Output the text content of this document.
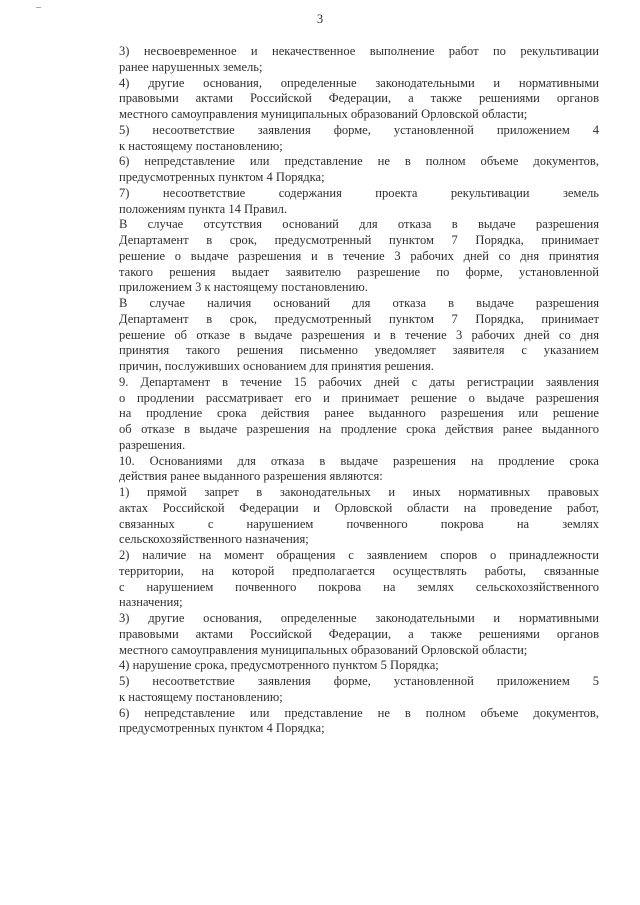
3
3) несвоевременное и некачественное выполнение работ по рекультивации
ранее нарушенных земель;
4) другие основания, определенные законодательными и нормативными
правовыми актами Российской Федерации, а также решениями органов
местного самоуправления муниципальных образований Орловской области;
5) несоответствие заявления форме, установленной приложением 4
к настоящему постановлению;
6) непредставление или представление не в полном объеме документов,
предусмотренных пунктом 4 Порядка;
7) несоответствие содержания проекта рекультивации земель
положениям пункта 14 Правил.
В случае отсутствия оснований для отказа в выдаче разрешения
Департамент в срок, предусмотренный пунктом 7 Порядка, принимает
решение о выдаче разрешения и в течение 3 рабочих дней со дня принятия
такого решения выдает заявителю разрешение по форме, установленной
приложением 3 к настоящему постановлению.
В случае наличия оснований для отказа в выдаче разрешения
Департамент в срок, предусмотренный пунктом 7 Порядка, принимает
решение об отказе в выдаче разрешения и в течение 3 рабочих дней со дня
принятия такого решения письменно уведомляет заявителя с указанием
причин, послуживших основанием для принятия решения.
9. Департамент в течение 15 рабочих дней с даты регистрации заявления
о продлении рассматривает его и принимает решение о выдаче разрешения
на продление срока действия ранее выданного разрешения или решение
об отказе в выдаче разрешения на продление срока действия ранее выданного
разрешения.
10. Основаниями для отказа в выдаче разрешения на продление срока
действия ранее выданного разрешения являются:
1) прямой запрет в законодательных и иных нормативных правовых
актах Российской Федерации и Орловской области на проведение работ,
связанных с нарушением почвенного покрова на землях
сельскохозяйственного назначения;
2) наличие на момент обращения с заявлением споров о принадлежности
территории, на которой предполагается осуществлять работы, связанные
с нарушением почвенного покрова на землях сельскохозяйственного
назначения;
3) другие основания, определенные законодательными и нормативными
правовыми актами Российской Федерации, а также решениями органов
местного самоуправления муниципальных образований Орловской области;
4) нарушение срока, предусмотренного пунктом 5 Порядка;
5) несоответствие заявления форме, установленной приложением 5
к настоящему постановлению;
6) непредставление или представление не в полном объеме документов,
предусмотренных пунктом 4 Порядка;
